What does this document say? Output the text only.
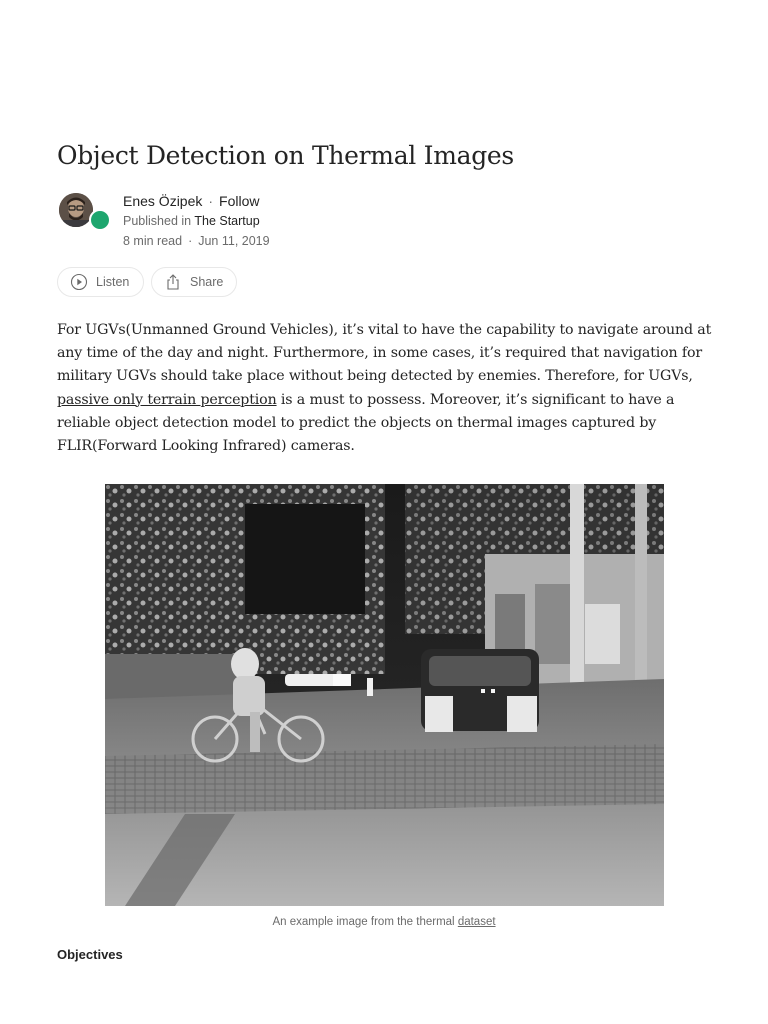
Object Detection on Thermal Images
Enes Özipek · Follow
Published in The Startup
8 min read · Jun 11, 2019
Listen	Share

For UGVs(Unmanned Ground Vehicles), it’s vital to have the capability to navigate around at any time of the day and night. Furthermore, in some cases, it’s required that navigation for military UGVs should take place without being detected by enemies. Therefore, for UGVs, passive only terrain perception is a must to possess. Moreover, it’s significant to have a reliable object detection model to predict the objects on thermal images captured by FLIR(Forward Looking Infrared) cameras.

An example image from the thermal dataset
Objectives
